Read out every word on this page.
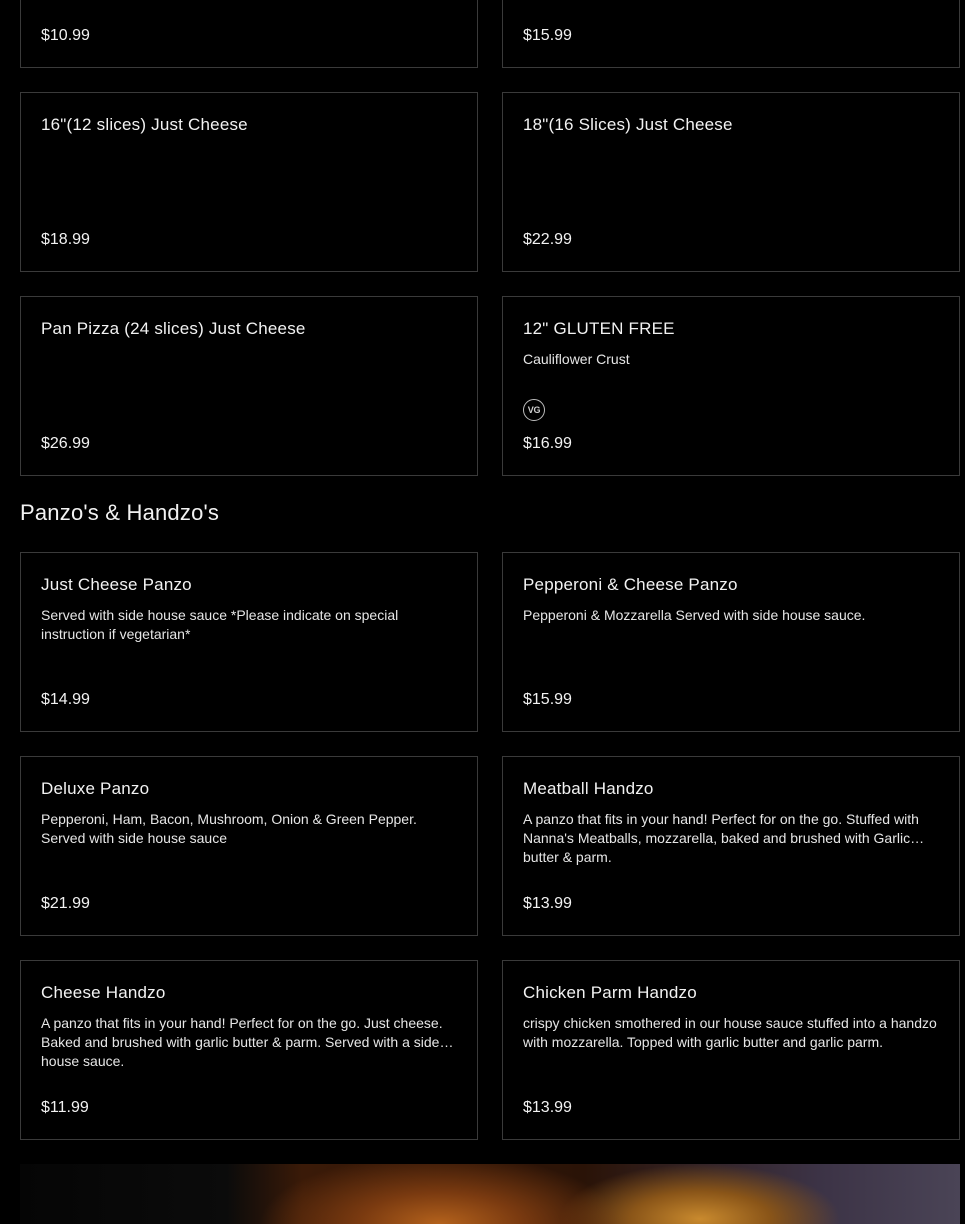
$10.99	$15.99
16"(12 slices) Just Cheese
$18.99
18"(16 Slices) Just Cheese
$22.99
Pan Pizza (24 slices) Just Cheese
$26.99
12" GLUTEN FREE
Cauliflower Crust
VG
$16.99
Panzo's & Handzo's
Just Cheese Panzo
Served with side house sauce *Please indicate on special instruction if vegetarian*
$14.99
Pepperoni & Cheese Panzo
Pepperoni & Mozzarella Served with side house sauce.
$15.99
Deluxe Panzo
Pepperoni, Ham, Bacon, Mushroom, Onion & Green Pepper. Served with side house sauce
$21.99
Meatball Handzo
A panzo that fits in your hand! Perfect for on the go. Stuffed with Nanna's Meatballs, mozzarella, baked and brushed with Garlic butter & parm.
$13.99
Cheese Handzo
A panzo that fits in your hand! Perfect for on the go. Just cheese. Baked and brushed with garlic butter & parm. Served with a side of house sauce.
$11.99
Chicken Parm Handzo
crispy chicken smothered in our house sauce stuffed into a handzo with mozzarella. Topped with garlic butter and garlic parm.
$13.99
